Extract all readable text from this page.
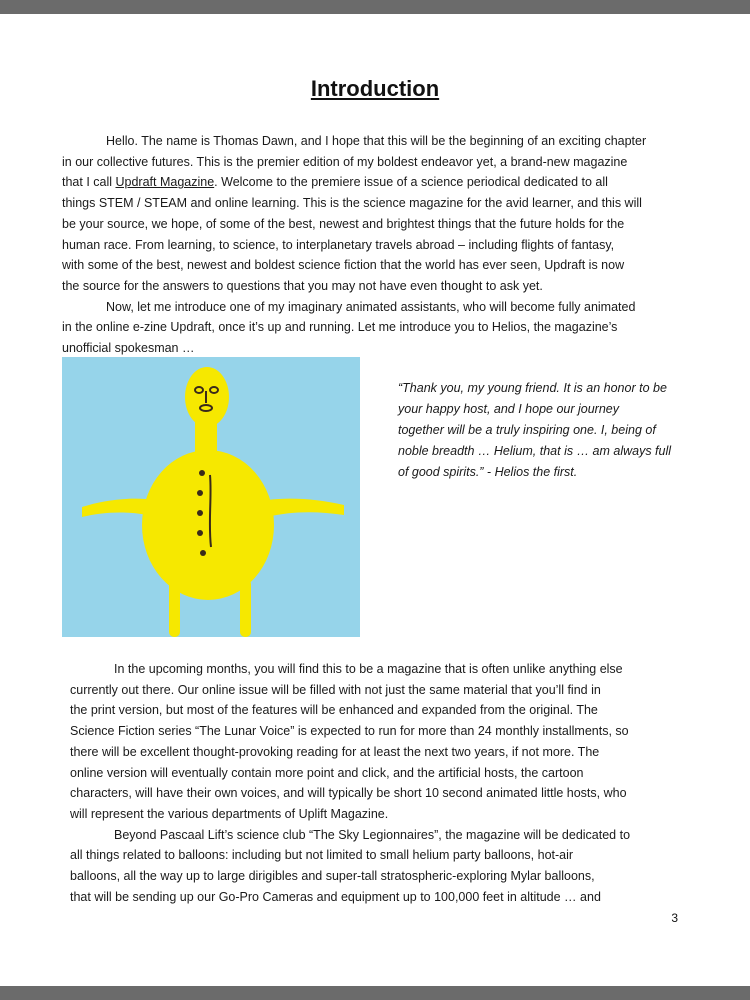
Introduction
Hello. The name is Thomas Dawn, and I hope that this will be the beginning of an exciting chapter
in our collective futures. This is the premier edition of my boldest endeavor yet, a brand-new magazine
that I call Updraft Magazine. Welcome to the premiere issue of a science periodical dedicated to all
things STEM / STEAM and online learning. This is the science magazine for the avid learner, and this will
be your source, we hope, of some of the best, newest and brightest things that the future holds for the
human race. From learning, to science, to interplanetary travels abroad – including flights of fantasy,
with some of the best, newest and boldest science fiction that the world has ever seen, Updraft is now
the source for the answers to questions that you may not have even thought to ask yet.
Now, let me introduce one of my imaginary animated assistants, who will become fully animated
in the online e-zine Updraft, once it’s up and running. Let me introduce you to Helios, the magazine’s
unofficial spokesman …
“Thank you, my young friend. It is an honor to be
your happy host, and I hope our journey
together will be a truly inspiring one. I, being of
noble breadth … Helium, that is … am always full
of good spirits.” - Helios the first.
In the upcoming months, you will find this to be a magazine that is often unlike anything else
currently out there. Our online issue will be filled with not just the same material that you’ll find in
the print version, but most of the features will be enhanced and expanded from the original. The
Science Fiction series “The Lunar Voice” is expected to run for more than 24 monthly installments, so
there will be excellent thought-provoking reading for at least the next two years, if not more. The
online version will eventually contain more point and click, and the artificial hosts, the cartoon
characters, will have their own voices, and will typically be short 10 second animated little hosts, who
will represent the various departments of Uplift Magazine.
Beyond Pascaal Lift’s science club “The Sky Legionnaires”, the magazine will be dedicated to
all things related to balloons: including but not limited to small helium party balloons, hot-air
balloons, all the way up to large dirigibles and super-tall stratospheric-exploring Mylar balloons,
that will be sending up our Go-Pro Cameras and equipment up to 100,000 feet in altitude … and
3
